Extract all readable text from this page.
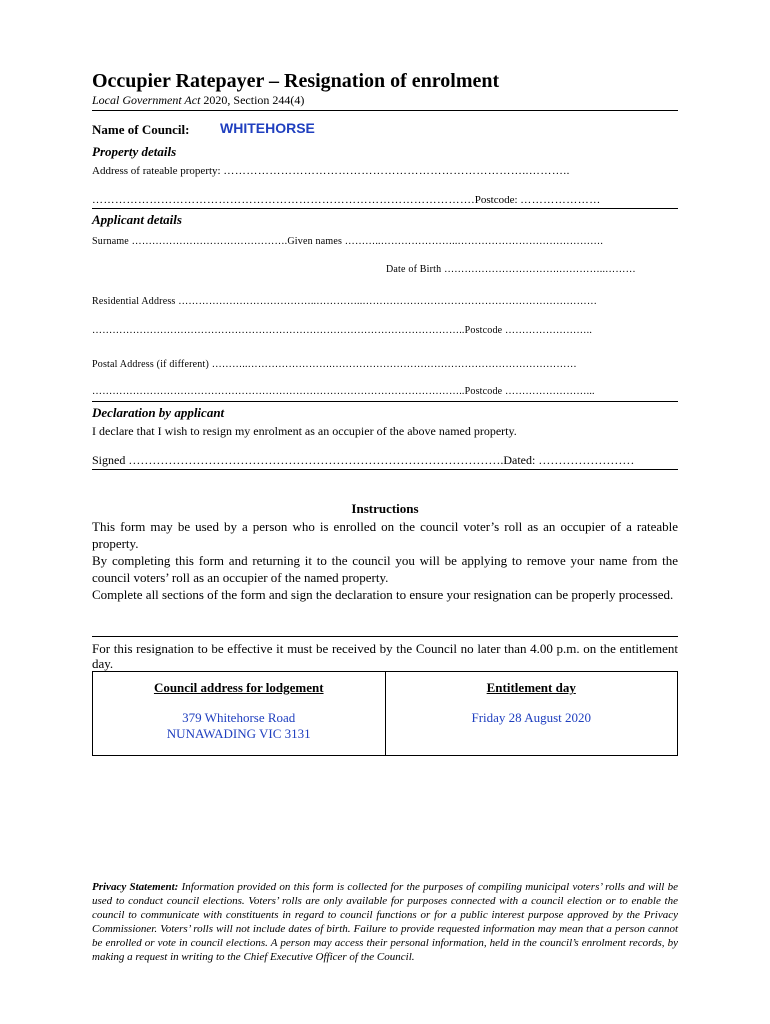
Occupier Ratepayer – Resignation of enrolment
Local Government Act 2020, Section 244(4)
Name of Council: WHITEHORSE
Property details
Address of rateable property: ……………………………………………………………………..………..
……………………………………………………………………………………….Postcode: …………………
Applicant details
Surname ……………………………………….Given names ………..…………………..…………………………………….
Date of Birth …………………………….…………..………
Residential Address …………………………………..…………..……………………………………………………………
………………………………………………………………………………………………..Postcode ……………………..
Postal Address (if different) ………..…………………….………………………………………………………………
………………………………………………………………………………………………..Postcode ……………………...
Declaration by applicant
I declare that I wish to resign my enrolment as an occupier of the above named property.
Signed ………………………………………………………………………………….Dated: ……………………
Instructions
This form may be used by a person who is enrolled on the council voter’s roll as an occupier of a rateable property.
By completing this form and returning it to the council you will be applying to remove your name from the council voters’ roll as an occupier of the named property.
Complete all sections of the form and sign the declaration to ensure your resignation can be properly processed.
For this resignation to be effective it must be received by the Council no later than 4.00 p.m. on the entitlement day.
Council address for lodgement
379 Whitehorse Road
NUNAWADING VIC 3131

Entitlement day
Friday 28 August 2020
Privacy Statement: Information provided on this form is collected for the purposes of compiling municipal voters’ rolls and will be used to conduct council elections. Voters’ rolls are only available for purposes connected with a council election or to enable the council to communicate with constituents in regard to council functions or for a public interest purpose approved by the Privacy Commissioner. Voters’ rolls will not include dates of birth. Failure to provide requested information may mean that a person cannot be enrolled or vote in council elections. A person may access their personal information, held in the council’s enrolment records, by making a request in writing to the Chief Executive Officer of the Council.
